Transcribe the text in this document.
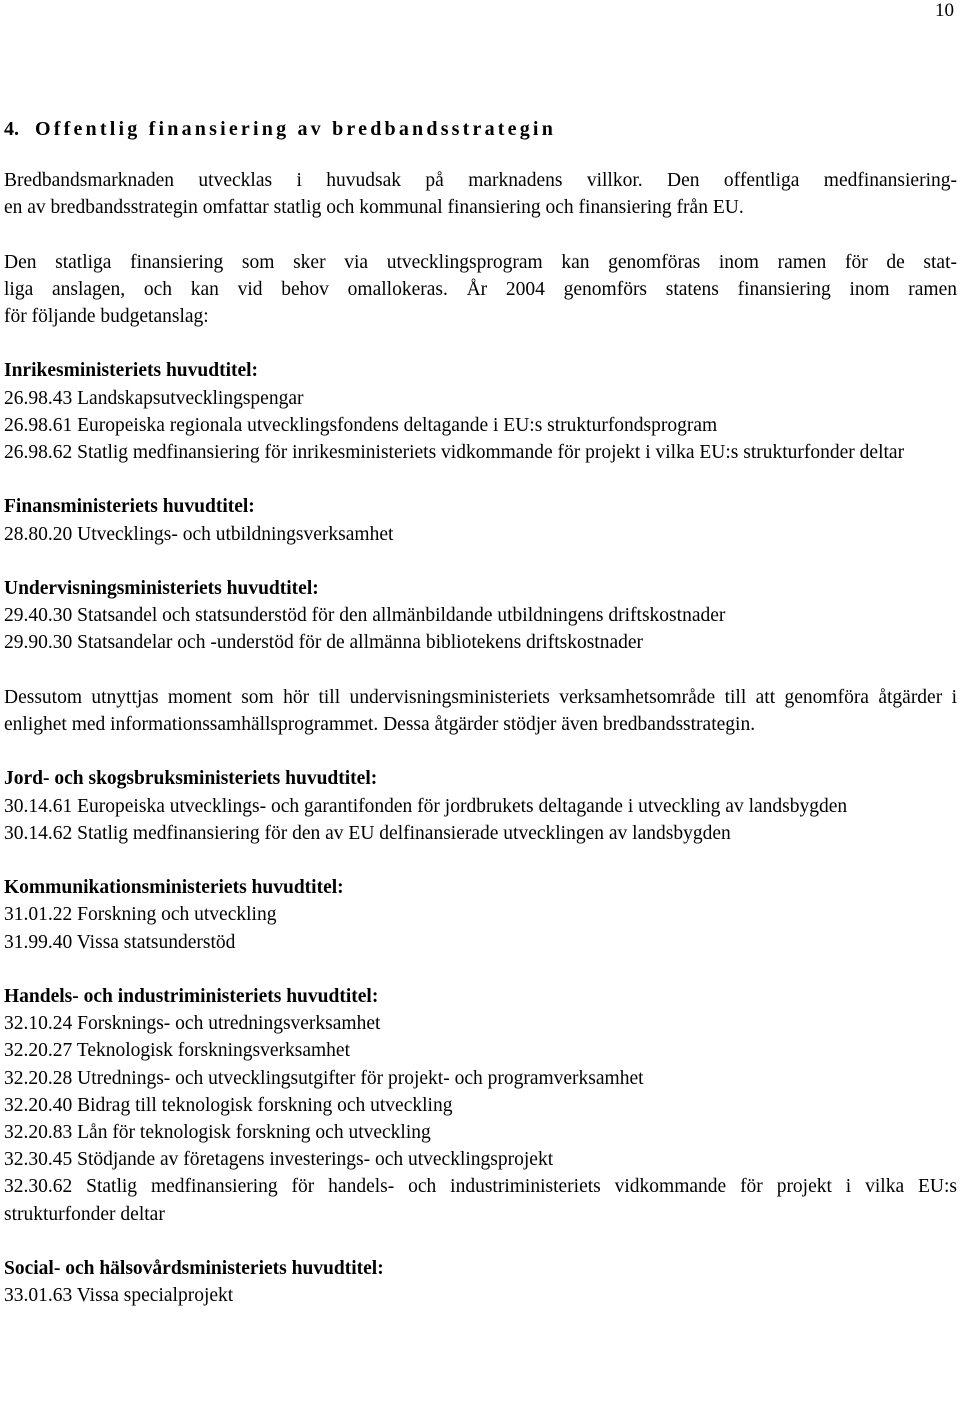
10
4. Offentlig finansiering av bredbandsstrategin
Bredbandsmarknaden utvecklas i huvudsak på marknadens villkor. Den offentliga medfinansiering-
en av bredbandsstrategin omfattar statlig och kommunal finansiering och finansiering från EU.
Den statliga finansiering som sker via utvecklingsprogram kan genomföras inom ramen för de stat-
liga anslagen, och kan vid behov omallokeras. År 2004 genomförs statens finansiering inom ramen
för följande budgetanslag:
Inrikesministeriets huvudtitel:
26.98.43 Landskapsutvecklingspengar
26.98.61 Europeiska regionala utvecklingsfondens deltagande i EU:s strukturfondsprogram
26.98.62 Statlig medfinansiering för inrikesministeriets vidkommande för projekt i vilka EU:s strukturfonder deltar
Finansministeriets huvudtitel:
28.80.20 Utvecklings- och utbildningsverksamhet
Undervisningsministeriets huvudtitel:
29.40.30 Statsandel och statsunderstöd för den allmänbildande utbildningens driftskostnader
29.90.30 Statsandelar och -understöd för de allmänna bibliotekens driftskostnader
Dessutom utnyttjas moment som hör till undervisningsministeriets verksamhetsområde till att genomföra åtgärder i enlighet med informationssamhällsprogrammet. Dessa åtgärder stödjer även bredbandsstrategin.
Jord- och skogsbruksministeriets huvudtitel:
30.14.61 Europeiska utvecklings- och garantifonden för jordbrukets deltagande i utveckling av landsbygden
30.14.62 Statlig medfinansiering för den av EU delfinansierade utvecklingen av landsbygden
Kommunikationsministeriets huvudtitel:
31.01.22 Forskning och utveckling
31.99.40 Vissa statsunderstöd
Handels- och industriministeriets huvudtitel:
32.10.24 Forsknings- och utredningsverksamhet
32.20.27 Teknologisk forskningsverksamhet
32.20.28 Utrednings- och utvecklingsutgifter för projekt- och programverksamhet
32.20.40 Bidrag till teknologisk forskning och utveckling
32.20.83 Lån för teknologisk forskning och utveckling
32.30.45 Stödjande av företagens investerings- och utvecklingsprojekt
32.30.62 Statlig medfinansiering för handels- och industriministeriets vidkommande för projekt i vilka EU:s strukturfonder deltar
Social- och hälsovårdsministeriets huvudtitel:
33.01.63 Vissa specialprojekt
